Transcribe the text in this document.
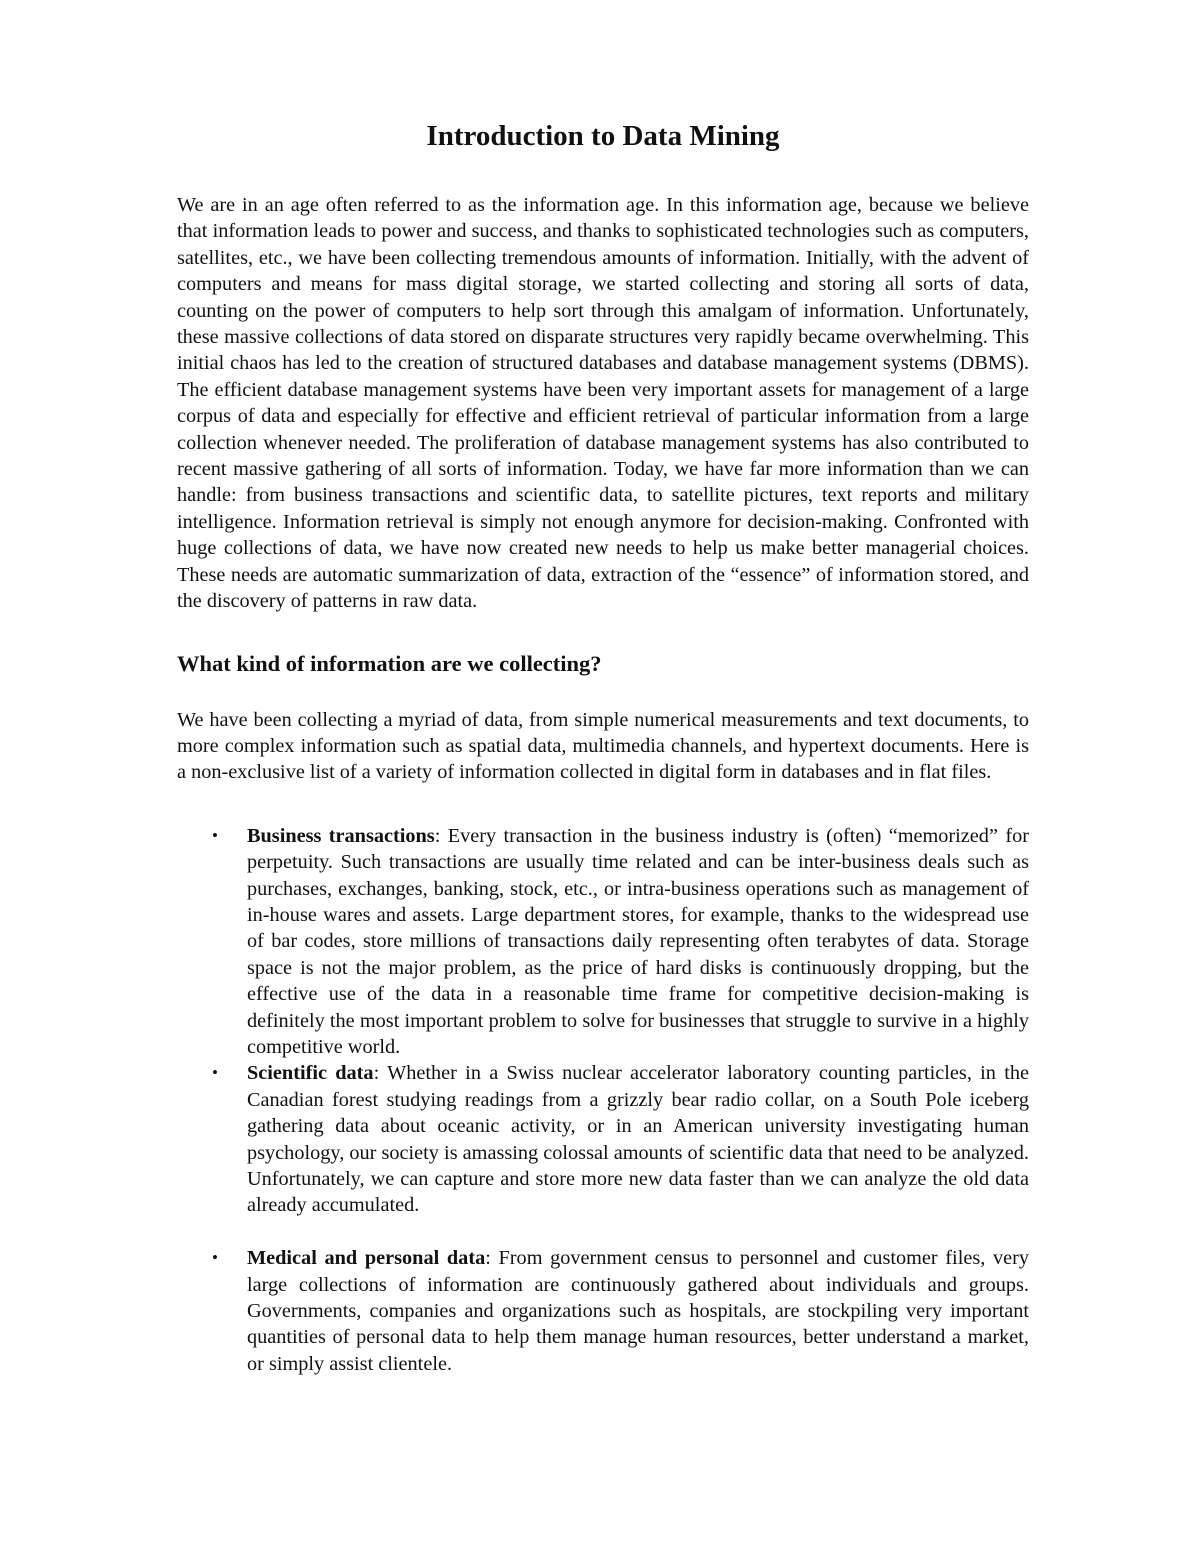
Introduction to Data Mining

We are in an age often referred to as the information age. In this information age, because we believe that information leads to power and success, and thanks to sophisticated technologies such as computers, satellites, etc., we have been collecting tremendous amounts of information. Initially, with the advent of computers and means for mass digital storage, we started collecting and storing all sorts of data, counting on the power of computers to help sort through this amalgam of information. Unfortunately, these massive collections of data stored on disparate structures very rapidly became overwhelming. This initial chaos has led to the creation of structured databases and database management systems (DBMS). The efficient database management systems have been very important assets for management of a large corpus of data and especially for effective and efficient retrieval of particular information from a large collection whenever needed. The proliferation of database management systems has also contributed to recent massive gathering of all sorts of information. Today, we have far more information than we can handle: from business transactions and scientific data, to satellite pictures, text reports and military intelligence. Information retrieval is simply not enough anymore for decision-making. Confronted with huge collections of data, we have now created new needs to help us make better managerial choices. These needs are automatic summarization of data, extraction of the “essence” of information stored, and the discovery of patterns in raw data.

What kind of information are we collecting?

We have been collecting a myriad of data, from simple numerical measurements and text documents, to more complex information such as spatial data, multimedia channels, and hypertext documents. Here is a non-exclusive list of a variety of information collected in digital form in databases and in flat files.

• Business transactions: Every transaction in the business industry is (often) “memorized” for perpetuity. Such transactions are usually time related and can be inter-business deals such as purchases, exchanges, banking, stock, etc., or intra-business operations such as management of in-house wares and assets. Large department stores, for example, thanks to the widespread use of bar codes, store millions of transactions daily representing often terabytes of data. Storage space is not the major problem, as the price of hard disks is continuously dropping, but the effective use of the data in a reasonable time frame for competitive decision-making is definitely the most important problem to solve for businesses that struggle to survive in a highly competitive world.
• Scientific data: Whether in a Swiss nuclear accelerator laboratory counting particles, in the Canadian forest studying readings from a grizzly bear radio collar, on a South Pole iceberg gathering data about oceanic activity, or in an American university investigating human psychology, our society is amassing colossal amounts of scientific data that need to be analyzed. Unfortunately, we can capture and store more new data faster than we can analyze the old data already accumulated.
• Medical and personal data: From government census to personnel and customer files, very large collections of information are continuously gathered about individuals and groups. Governments, companies and organizations such as hospitals, are stockpiling very important quantities of personal data to help them manage human resources, better understand a market, or simply assist clientele.
